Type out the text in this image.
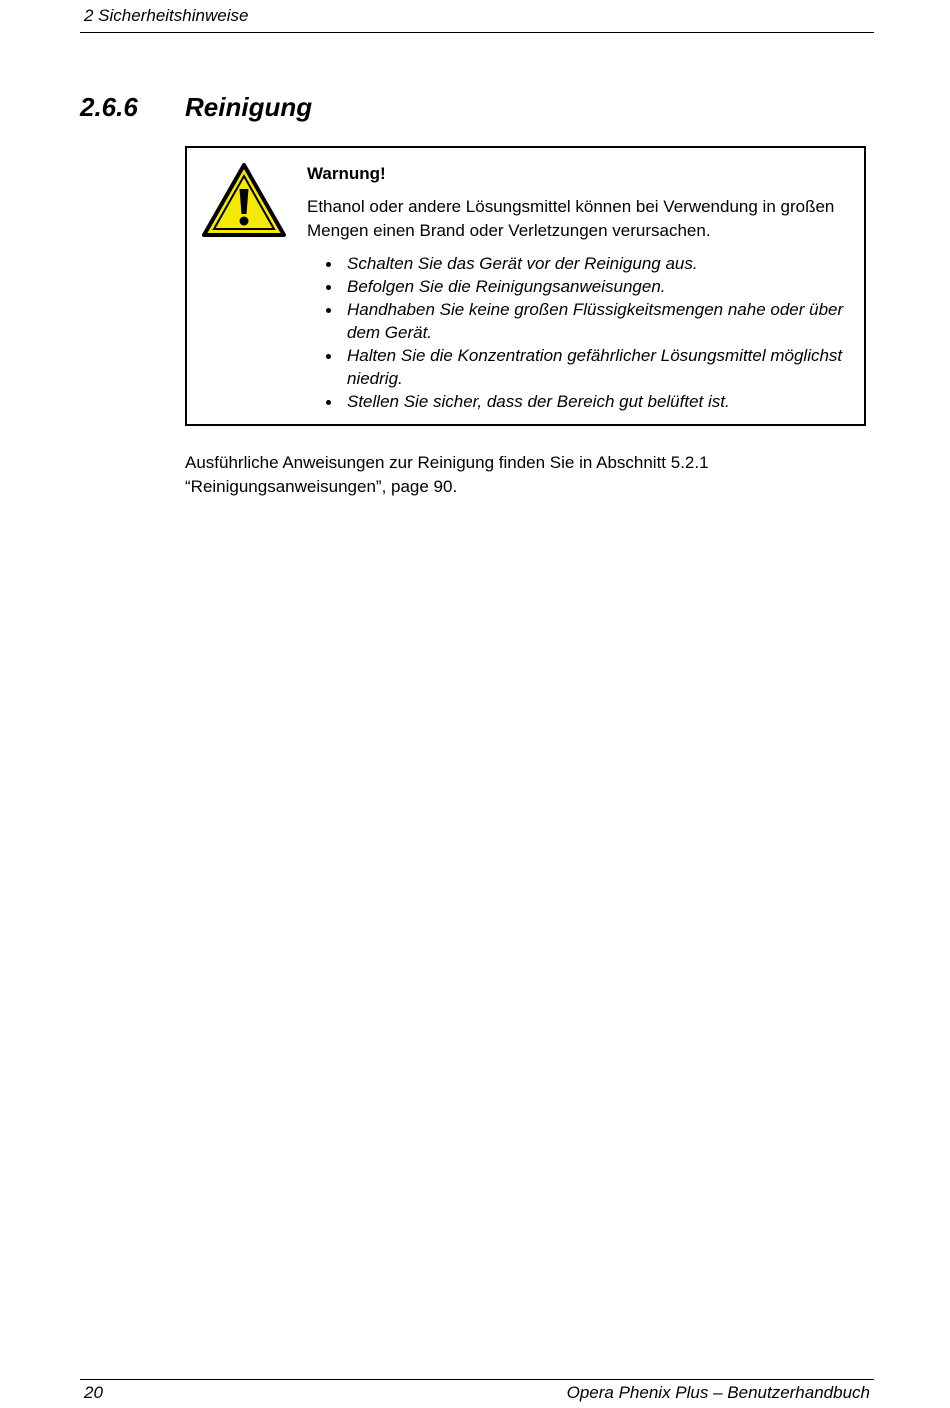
2 Sicherheitshinweise
2.6.6 Reinigung
Warnung!
Ethanol oder andere Lösungsmittel können bei Verwendung in großen Mengen einen Brand oder Verletzungen verursachen.
Schalten Sie das Gerät vor der Reinigung aus.
Befolgen Sie die Reinigungsanweisungen.
Handhaben Sie keine großen Flüssigkeitsmengen nahe oder über dem Gerät.
Halten Sie die Konzentration gefährlicher Lösungsmittel möglichst niedrig.
Stellen Sie sicher, dass der Bereich gut belüftet ist.
Ausführliche Anweisungen zur Reinigung finden Sie in Abschnitt 5.2.1 “Reinigungsanweisungen”, page 90.
20	Opera Phenix Plus – Benutzerhandbuch
